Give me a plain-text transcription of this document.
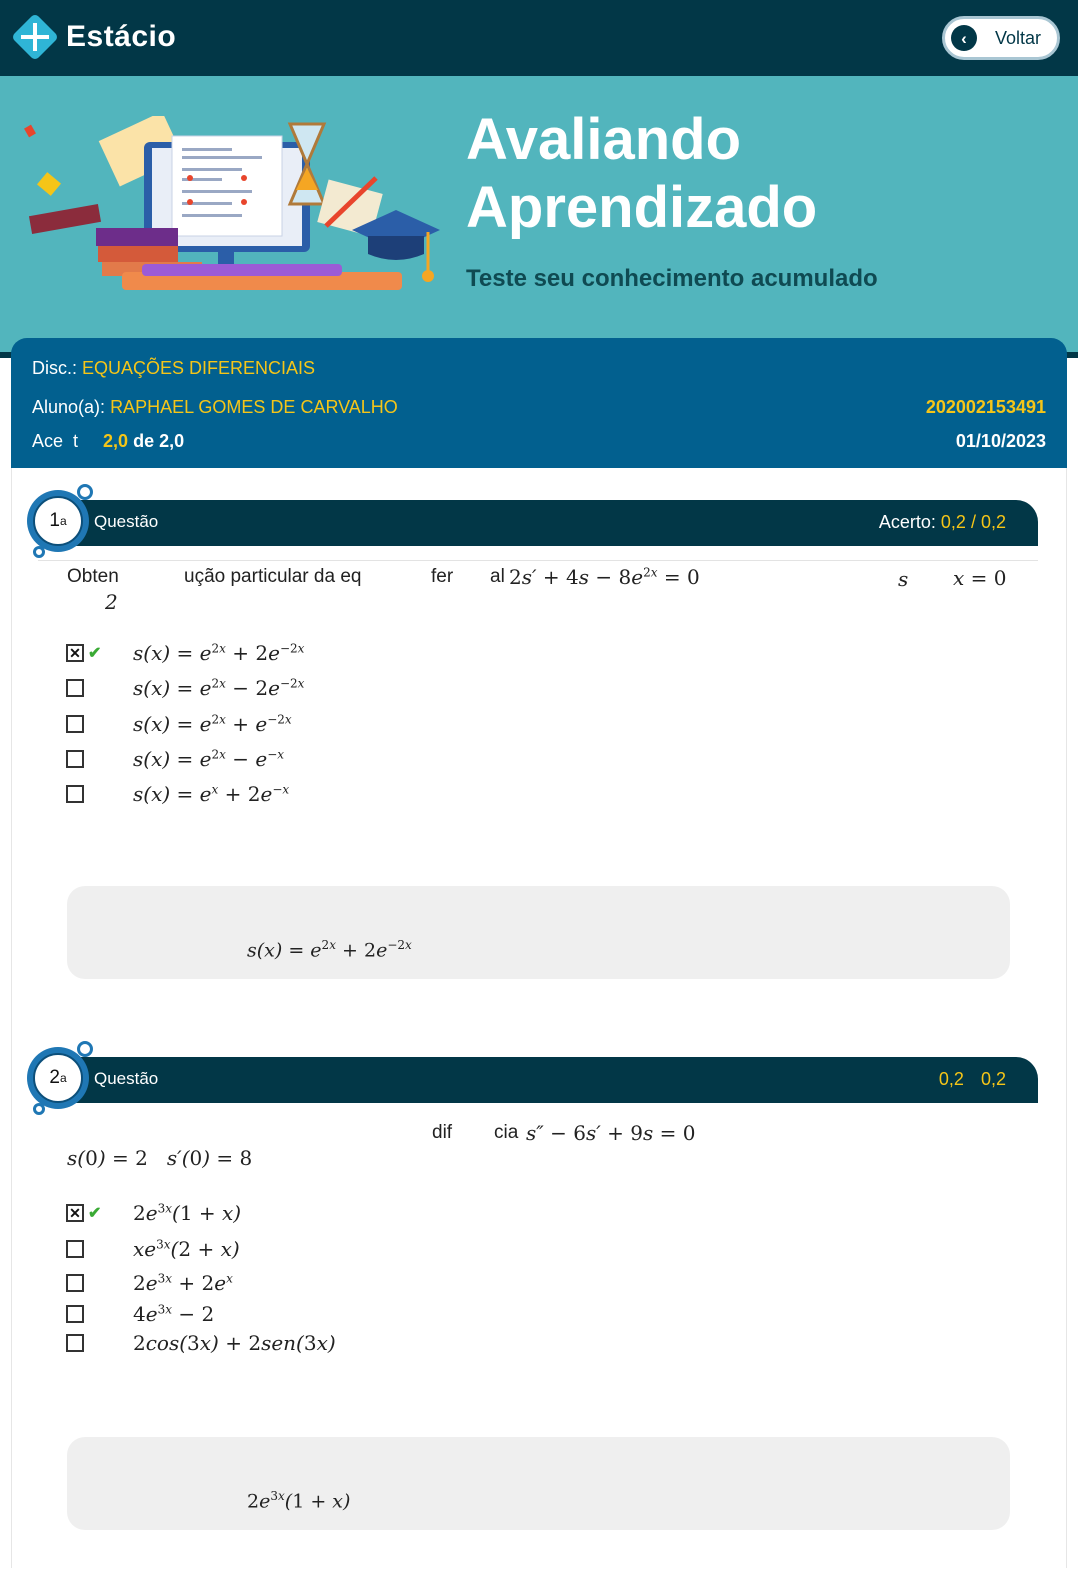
Estácio	‹	Voltar
Avaliando
Aprendizado
Teste seu conhecimento acumulado
Disc.: EQUAÇÕES DIFERENCIAIS
Aluno(a): RAPHAEL GOMES DE CARVALHO	202002153491
Ace  t 2,0 de 2,0	01/10/2023
Questão	Acerto: 0,2 / 0,2
1 a
Obten	ução particular da eq	fer al $2s' + 4s - 8e^{2x} = 0$	s x = 0
2
✕ ✔	$s(x) = e^{2x} + 2e^{-2x}$
$s(x) = e^{2x} - 2e^{-2x}$
$s(x) = e^{2x} + e^{-2x}$
$s(x) = e^{2x} - e^{-x}$
$s(x) = e^x + 2e^{-x}$
$s(x) = e^{2x} + 2e^{-2x}$
Questão	0,2 0,2
2 a
dif cia s″ − 6s′ + 9s = 0
s(0) = 2   s′(0) = 8
✕ ✔	$2e^{3x}(1 + x)$
$xe^{3x}(2 + x)$
$2e^{3x} + 2e^x$
$4e^{3x} - 2$
2cos(3x) + 2sen(3x)
$2e^{3x}(1 + x)$
